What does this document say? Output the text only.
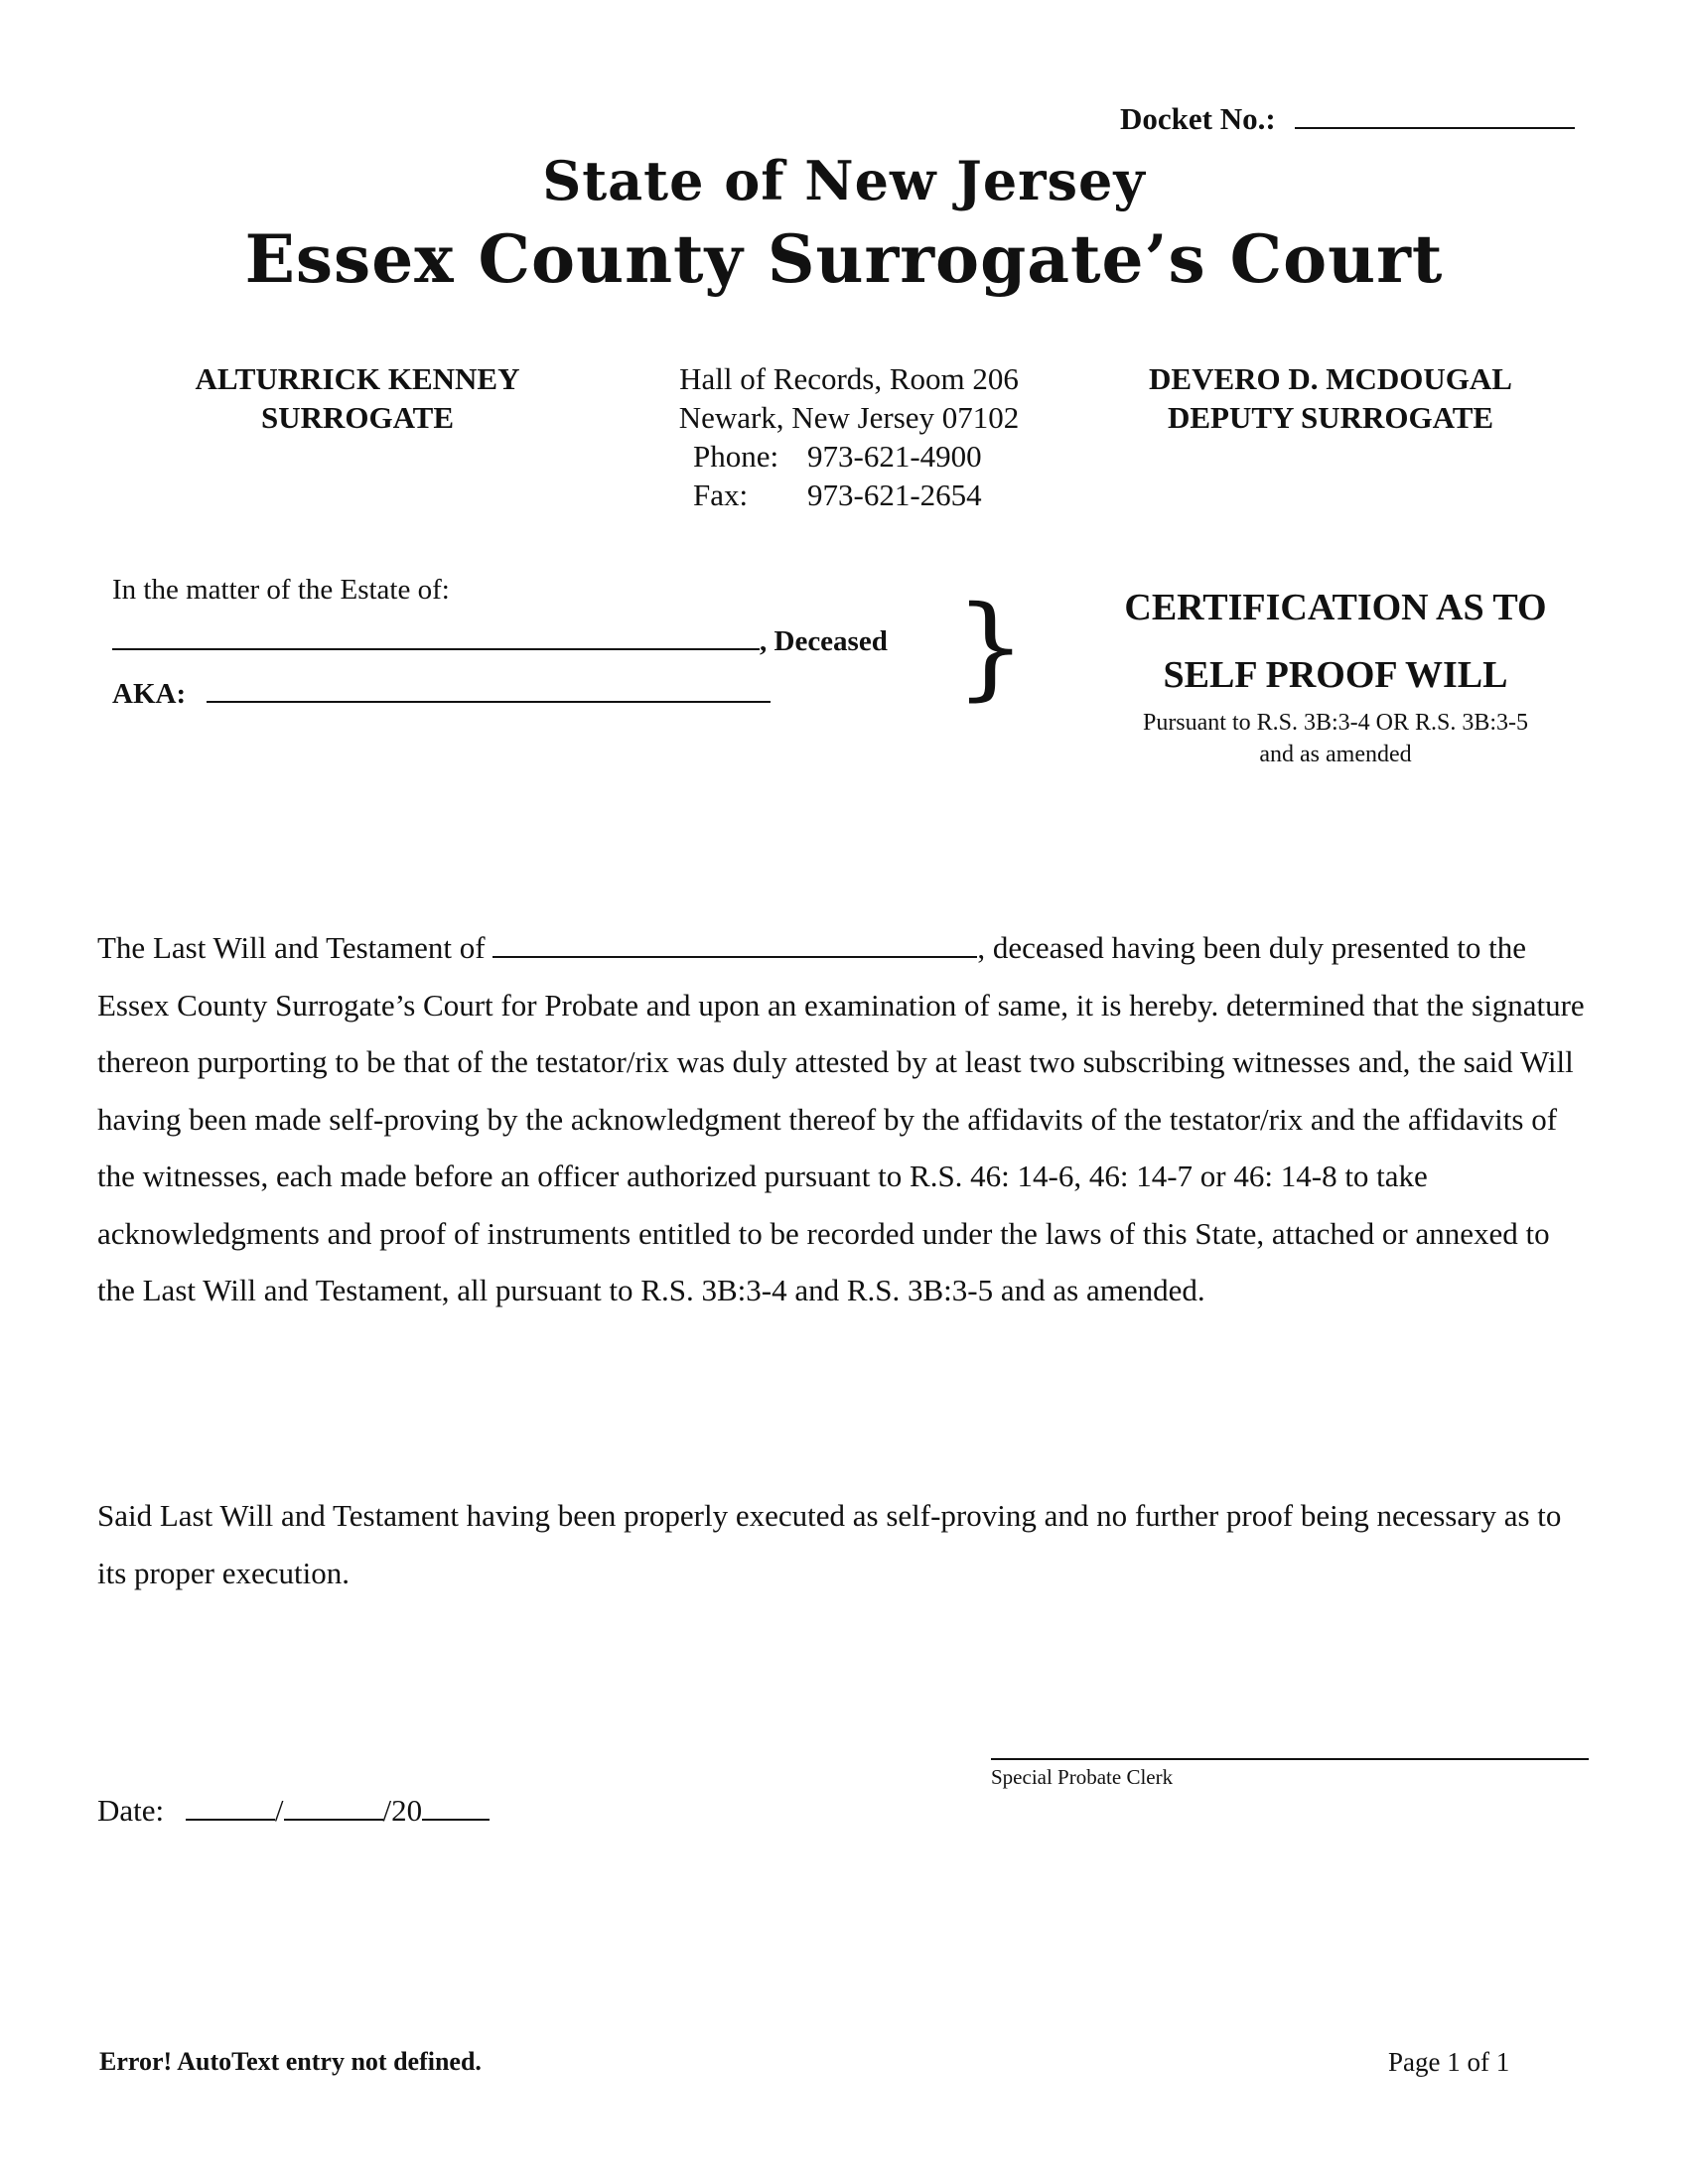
Docket No.:
State of New Jersey
Essex County Surrogate’s Court
ALTURRICK KENNEY
SURROGATE
Hall of Records, Room 206
Newark, New Jersey 07102
Phone: 973-621-4900
Fax: 973-621-2654
DEVERO D. MCDOUGAL
DEPUTY SURROGATE
In the matter of the Estate of:
, Deceased
AKA:	}	CERTIFICATION AS TO
SELF PROOF WILL
Pursuant to R.S. 3B:3-4 OR R.S. 3B:3-5
and as amended
The Last Will and Testament of	, deceased having been duly presented to the Essex County Surrogate’s Court for Probate and upon an examination of same, it is hereby. determined that the signature thereon purporting to be that of the testator/rix was duly attested by at least two subscribing witnesses and, the said Will having been made self-proving by the acknowledgment thereof by the affidavits of the testator/rix and the affidavits of the witnesses, each made before an officer authorized pursuant to R.S. 46: 14-6, 46: 14-7 or 46: 14-8 to take acknowledgments and proof of instruments entitled to be recorded under the laws of this State, attached or annexed to the Last Will and Testament, all pursuant to R.S. 3B:3-4 and R.S. 3B:3-5 and as amended.
Said Last Will and Testament having been properly executed as self-proving and no further proof being necessary as to its proper execution.
Special Probate Clerk
Date:	/	/20
Error! AutoText entry not defined.	Page 1 of 1
